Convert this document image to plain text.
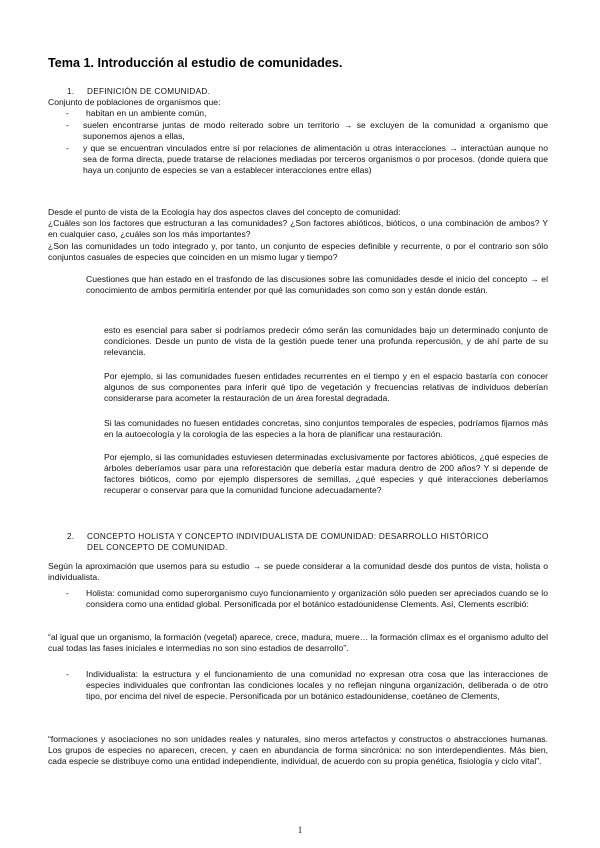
Tema 1. Introducción al estudio de comunidades.
1. DEFINICIÓN DE COMUNIDAD.
Conjunto de poblaciones de organismos que:
- habitan en un ambiente común,
- suelen encontrarse juntas de modo reiterado sobre un territorio → se excluyen de la comunidad a organismo que suponemos ajenos a ellas,
- y que se encuentran vinculados entre sí por relaciones de alimentación u otras interacciones → interactúan aunque no sea de forma directa, puede tratarse de relaciones mediadas por terceros organismos o por procesos. (donde quiera que haya un conjunto de especies se van a establecer interacciones entre ellas)
Desde el punto de vista de la Ecología hay dos aspectos claves del concepto de comunidad:
¿Cuáles son los factores que estructuran a las comunidades? ¿Son factores abióticos, bióticos, o una combinación de ambos? Y en cualquier caso, ¿cuáles son los más importantes?
¿Son las comunidades un todo integrado y, por tanto, un conjunto de especies definible y recurrente, o por el contrario son sólo conjuntos casuales de especies que coinciden en un mismo lugar y tiempo?
Cuestiones que han estado en el trasfondo de las discusiones sobre las comunidades desde el inicio del concepto → el conocimiento de ambos permitiría entender por qué las comunidades son como son y están donde están.
esto es esencial para saber si podríamos predecir cómo serán las comunidades bajo un determinado conjunto de condiciones. Desde un punto de vista de la gestión puede tener una profunda repercusión, y de ahí parte de su relevancia.
Por ejemplo, si las comunidades fuesen entidades recurrentes en el tiempo y en el espacio bastaría con conocer algunos de sus componentes para inferir qué tipo de vegetación y frecuencias relativas de individuos deberían considerarse para acometer la restauración de un área forestal degradada.
Si las comunidades no fuesen entidades concretas, sino conjuntos temporales de especies, podríamos fijarnos más en la autoecología y la corología de las especies a la hora de planificar una restauración.
Por ejemplo, si las comunidades estuviesen determinadas exclusivamente por factores abióticos, ¿qué especies de árboles deberíamos usar para una reforestación que debería estar madura dentro de 200 años? Y si depende de factores bióticos, como por ejemplo dispersores de semillas, ¿qué especies y qué interacciones deberíamos recuperar o conservar para que la comunidad funcione adecuadamente?
2. CONCEPTO HOLISTA Y CONCEPTO INDIVIDUALISTA DE COMUNIDAD: DESARROLLO HISTÓRICO
DEL CONCEPTO DE COMUNIDAD.
Según la aproximación que usemos para su estudio → se puede considerar a la comunidad desde dos puntos de vista, holista o individualista.
- Holista: comunidad como superorganismo cuyo funcionamiento y organización sólo pueden ser apreciados cuando se lo considera como una entidad global. Personificada por el botánico estadounidense Clements. Así, Clements escribió:
“al igual que un organismo, la formación (vegetal) aparece, crece, madura, muere… la formación clímax es el organismo adulto del cual todas las fases iniciales e intermedias no son sino estadios de desarrollo”.
- Individualista: la estructura y el funcionamiento de una comunidad no expresan otra cosa que las interacciones de especies individuales que confrontan las condiciones locales y no reflejan ninguna organización, deliberada o de otro tipo, por encima del nivel de especie. Personificada por un botánico estadounidense, coetáneo de Clements,
“formaciones y asociaciones no son unidades reales y naturales, sino meros artefactos y constructos o abstracciones humanas. Los grupos de especies no aparecen, crecen, y caen en abundancia de forma sincrónica: no son interdependientes. Más bien, cada especie se distribuye como una entidad independiente, individual, de acuerdo con su propia genética, fisiología y ciclo vital”.
1
